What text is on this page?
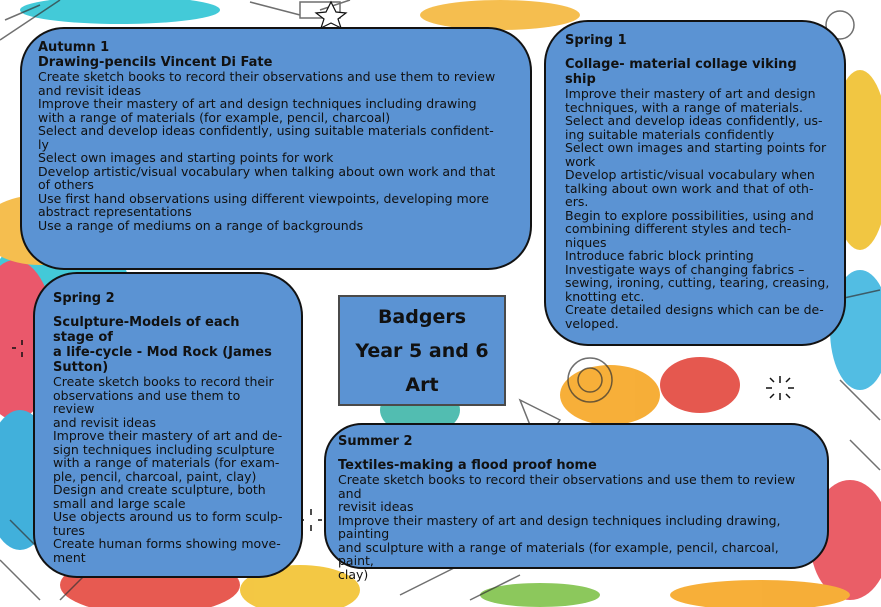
Autumn 1
Drawing-pencils Vincent Di Fate
Create sketch books to record their observations and use them to review
and revisit ideas
Improve their mastery of art and design techniques including drawing
with a range of materials (for example, pencil, charcoal)
Select and develop ideas confidently, using suitable materials confident-
ly
Select own images and starting points for work
Develop artistic/visual vocabulary when talking about own work and that
of others
Use first hand observations using different viewpoints, developing more
abstract representations
Use a range of mediums on a range of backgrounds
Spring 1
Collage- material collage viking ship
Improve their mastery of art and design
techniques, with a range of materials.
Select and develop ideas confidently, us-
ing suitable materials confidently
Select own images and starting points for
work
Develop artistic/visual vocabulary when
talking about own work and that of oth-
ers.
Begin to explore possibilities, using and
combining different styles and tech-
niques
Introduce fabric block printing
Investigate ways of changing fabrics –
sewing, ironing, cutting, tearing, creasing,
knotting etc.
Create detailed designs which can be de-
veloped.
Spring 2
Sculpture-Models of each stage of
a life-cycle - Mod Rock (James
Sutton)
Create sketch books to record their
observations and use them to review
and revisit ideas
Improve their mastery of art and de-
sign techniques including sculpture
with a range of materials (for exam-
ple, pencil, charcoal, paint, clay)
Design and create sculpture, both
small and large scale
Use objects around us to form sculp-
tures
Create human forms showing move-
ment
Badgers
Year 5 and 6
Art
Summer 2
Textiles-making a flood proof home
Create sketch books to record their observations and use them to review and
revisit ideas
Improve their mastery of art and design techniques including drawing, painting
and sculpture with a range of materials (for example, pencil, charcoal, paint,
clay)
